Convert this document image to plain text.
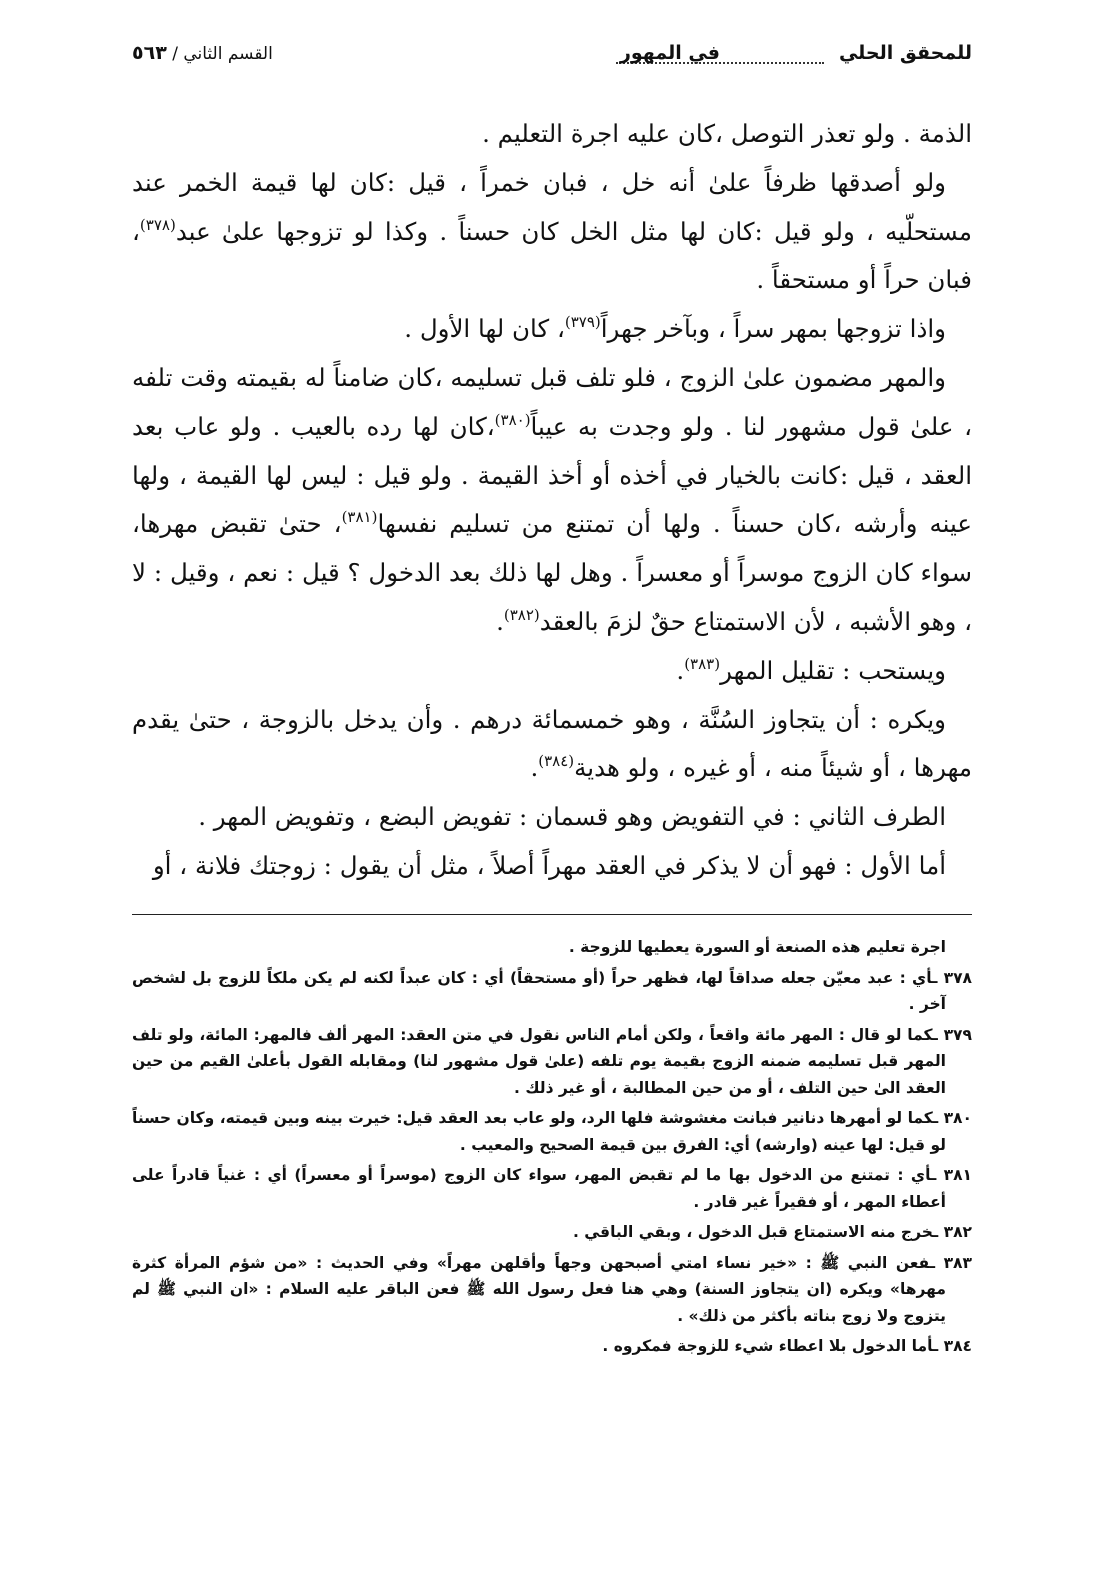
للمحقق الحلي
في المهور
القسم الثاني / ٥٦٣

الذمة . ولو تعذر التوصل ،كان عليه اجرة التعليم .

ولو أصدقها ظرفاً علىٰ أنه خل ، فبان خمراً ، قيل :كان لها قيمة الخمر عند مستحلّيه ، ولو قيل :كان لها مثل الخل كان حسناً . وكذا لو تزوجها علىٰ عبد$^{(٣٧٨)}$، فبان حراً أو مستحقاً .

واذا تزوجها بمهر سراً ، وبآخر جهراً$^{(٣٧٩)}$، كان لها الأول .

والمهر مضمون علىٰ الزوج ، فلو تلف قبل تسليمه ،كان ضامناً له بقيمته وقت تلفه ، علىٰ قول مشهور لنا . ولو وجدت به عيباً$^{(٣٨٠)}$،كان لها رده بالعيب . ولو عاب بعد العقد ، قيل :كانت بالخيار في أخذه أو أخذ القيمة . ولو قيل : ليس لها القيمة ، ولها عينه وأرشه ،كان حسناً . ولها أن تمتنع من تسليم نفسها$^{(٣٨١)}$، حتىٰ تقبض مهرها، سواء كان الزوج موسراً أو معسراً . وهل لها ذلك بعد الدخول ؟ قيل : نعم ، وقيل : لا ، وهو الأشبه ، لأن الاستمتاع حقٌ لزمَ بالعقد$^{(٣٨٢)}$.

ويستحب : تقليل المهر$^{(٣٨٣)}$.

ويكره : أن يتجاوز السُنَّة ، وهو خمسمائة درهم . وأن يدخل بالزوجة ، حتىٰ يقدم مهرها ، أو شيئاً منه ، أو غيره ، ولو هدية$^{(٣٨٤)}$.

الطرف الثاني : في التفويض وهو قسمان : تفويض البضع ، وتفويض المهر .

أما الأول : فهو أن لا يذكر في العقد مهراً أصلاً ، مثل أن يقول : زوجتك فلانة ، أو

اجرة تعليم هذه الصنعة أو السورة يعطيها للزوجة .

٣٧٨ ـأي : عبد معيّن جعله صداقاً لها، فظهر حراً (أو مستحقاً) أي : كان عبداً لكنه لم يكن ملكاً للزوج بل لشخص آخر .

٣٧٩ ـكما لو قال : المهر مائة واقعاً ، ولكن أمام الناس نقول في متن العقد: المهر ألف فالمهر: المائة، ولو تلف المهر قبل تسليمه ضمنه الزوج بقيمة يوم تلفه (علىٰ قول مشهور لنا) ومقابله القول بأعلىٰ القيم من حين العقد الىٰ حين التلف ، أو من حين المطالبة ، أو غير ذلك .

٣٨٠ ـكما لو أمهرها دنانير فبانت مغشوشة فلها الرد، ولو عاب بعد العقد قيل: خيرت بينه وبين قيمته، وكان حسناً لو قيل: لها عينه (وارشه) أي: الفرق بين قيمة الصحيح والمعيب .

٣٨١ ـأي : تمتنع من الدخول بها ما لم تقبض المهر، سواء كان الزوج (موسراً أو معسراً) أي : غنياً قادراً على أعطاء المهر ، أو فقيراً غير قادر .

٣٨٢ ـخرج منه الاستمتاع قبل الدخول ، وبقي الباقي .

٣٨٣ ـفعن النبي ﷺ : «خير نساء امتي أصبحهن وجهاً وأقلهن مهراً» وفي الحديث : «من شؤم المرأة كثرة مهرها» ويكره (ان يتجاوز السنة) وهي هنا فعل رسول الله ﷺ فعن الباقر عليه السلام : «ان النبي ﷺ لم يتزوج ولا زوج بناته بأكثر من ذلك» .

٣٨٤ ـأما الدخول بلا اعطاء شيء للزوجة فمكروه .
